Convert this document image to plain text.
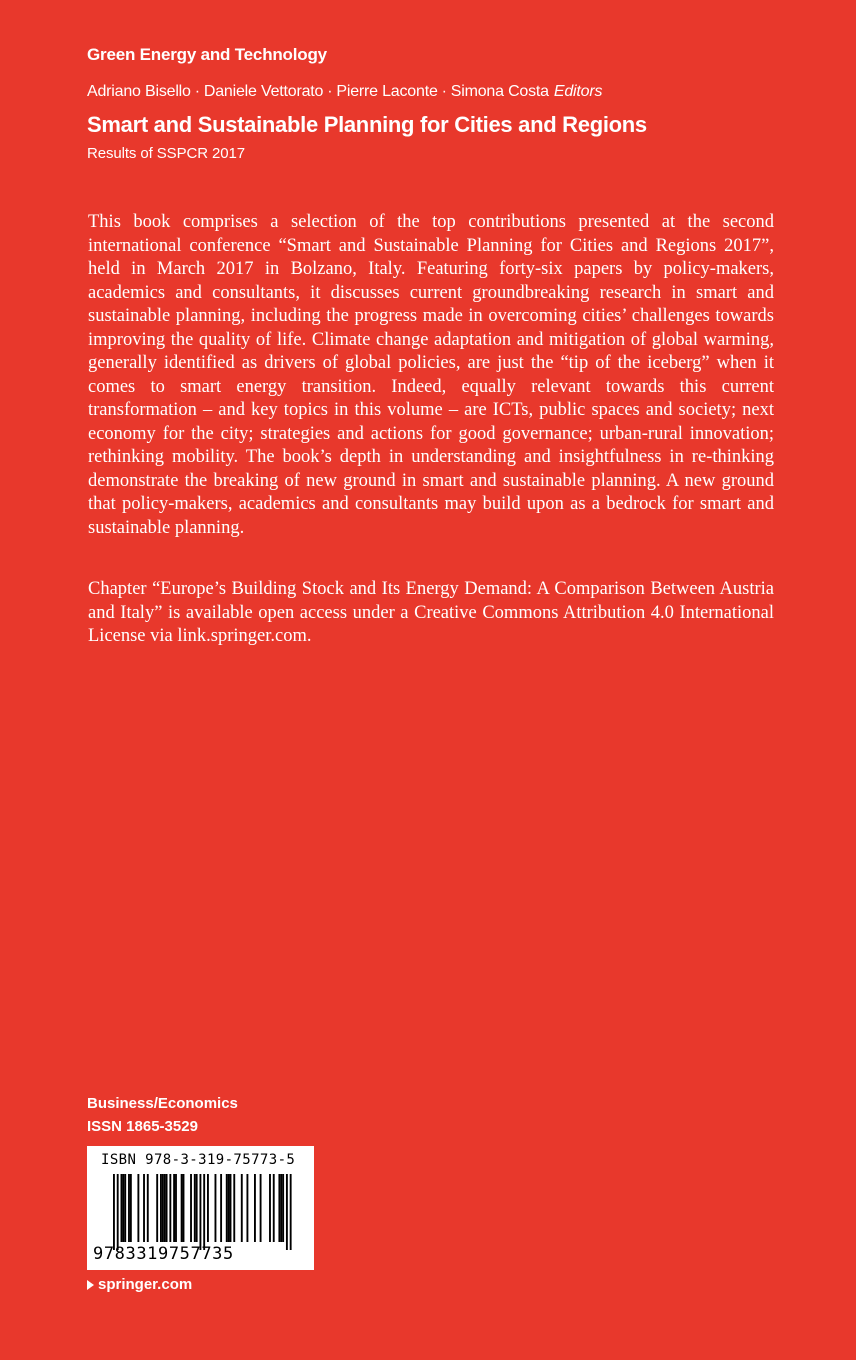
Green Energy and Technology
Adriano Bisello · Daniele Vettorato · Pierre Laconte · Simona Costa Editors
Smart and Sustainable Planning for Cities and Regions
Results of SSPCR 2017

This book comprises a selection of the top contributions presented at the second international conference “Smart and Sustainable Planning for Cities and Regions 2017”, held in March 2017 in Bolzano, Italy. Featuring forty-six papers by policy-makers, academics and consultants, it discusses current groundbreaking research in smart and sustainable planning, including the progress made in overcoming cities’ challenges towards improving the quality of life. Climate change adaptation and mitigation of global warming, generally identified as drivers of global policies, are just the “tip of the iceberg” when it comes to smart energy transition. Indeed, equally relevant towards this current transformation – and key topics in this volume – are ICTs, public spaces and society; next economy for the city; strategies and actions for good governance; urban-rural innovation; rethinking mobility. The book’s depth in understanding and insightfulness in re-thinking demonstrate the breaking of new ground in smart and sustainable planning. A new ground that policy-makers, academics and consultants may build upon as a bedrock for smart and sustainable planning.

Chapter “Europe’s Building Stock and Its Energy Demand: A Comparison Between Austria and Italy” is available open access under a Creative Commons Attribution 4.0 International License via link.springer.com.

Business/Economics
ISSN 1865-3529
ISBN 978-3-319-75773-5
9783319757735
springer.com
